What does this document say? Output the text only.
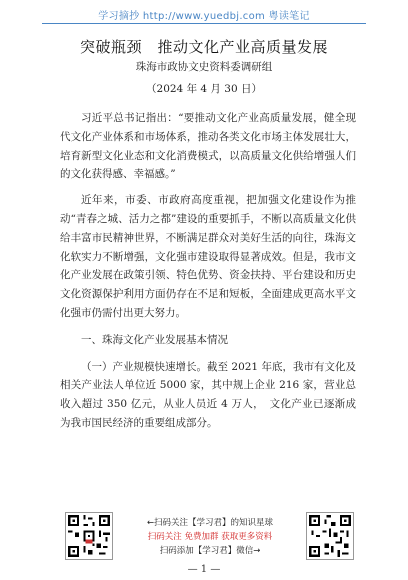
学习摘抄 http://www.yuedbj.com 粤读笔记
突破瓶颈　推动文化产业高质量发展
珠海市政协文史资料委调研组
（2024 年 4 月 30 日）

习近平总书记指出：“要推动文化产业高质量发展，健全现代文化产业体系和市场体系，推动各类文化市场主体发展壮大，培育新型文化业态和文化消费模式，以高质量文化供给增强人们的文化获得感、幸福感。”

近年来，市委、市政府高度重视，把加强文化建设作为推动“青春之城、活力之都”建设的重要抓手，不断以高质量文化供给丰富市民精神世界，不断满足群众对美好生活的向往，珠海文化软实力不断增强，文化强市建设取得显著成效。但是，我市文化产业发展在政策引领、特色优势、资金扶持、平台建设和历史文化资源保护利用方面仍存在不足和短板，全面建成更高水平文化强市仍需付出更大努力。

一、珠海文化产业发展基本情况

（一）产业规模快速增长。截至 2021 年底，我市有文化及相关产业法人单位近 5000 家，其中规上企业 216 家，营业总收入超过 350 亿元，从业人员近 4 万人，　文化产业已逐渐成为我市国民经济的重要组成部分。

←扫码关注【学习君】的知识星球
扫码关注 免费加群 获取更多资料
扫码添加【学习君】微信→
— 1 —
